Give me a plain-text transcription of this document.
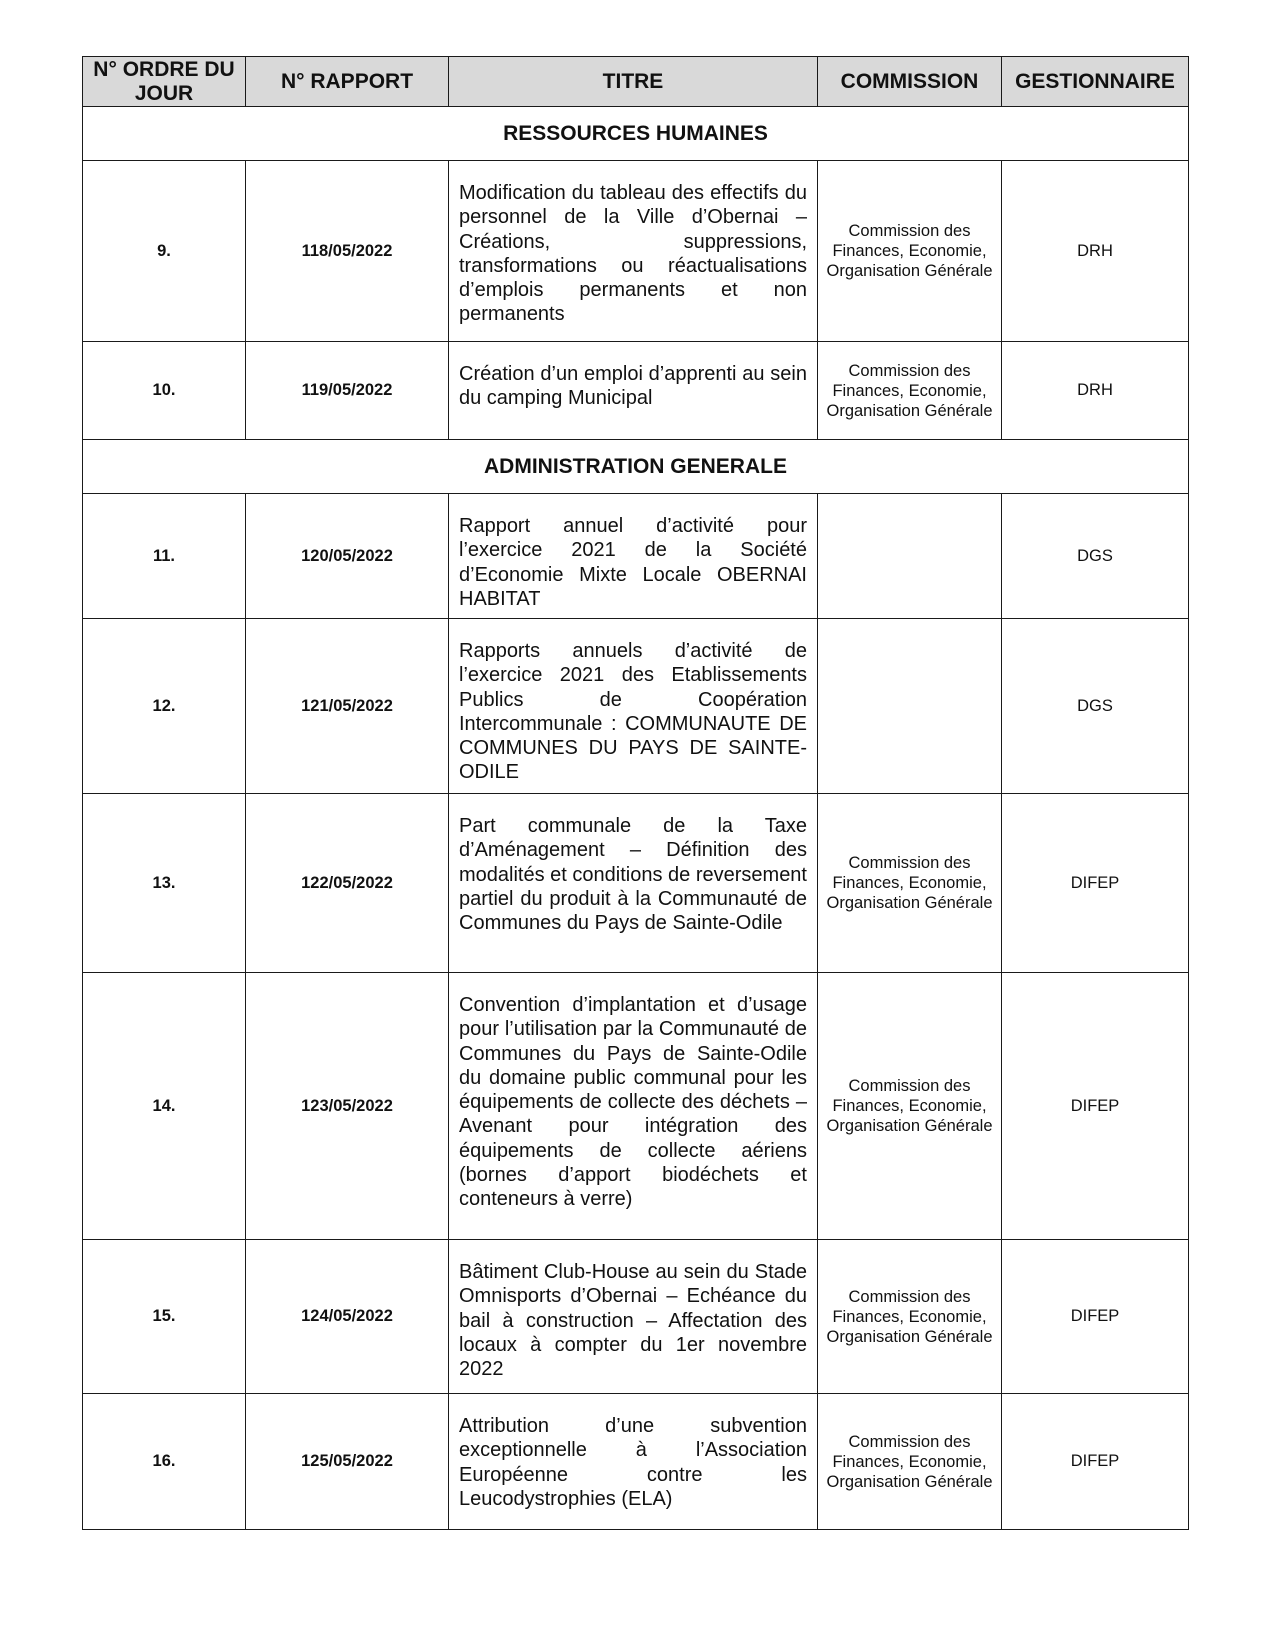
N° ORDRE DU JOUR	N° RAPPORT	TITRE	COMMISSION	GESTIONNAIRE
RESSOURCES HUMAINES				
9.	118/05/2022	Modification du tableau des effectifs du personnel de la Ville d’Obernai – Créations, suppressions, transformations ou réactualisations d’emplois permanents et non permanents	Commission des Finances, Economie, Organisation Générale	DRH
10.	119/05/2022	Création d’un emploi d’apprenti au sein du camping Municipal	Commission des Finances, Economie, Organisation Générale	DRH
ADMINISTRATION GENERALE				
11.	120/05/2022	Rapport annuel d’activité pour l’exercice 2021 de la Société d’Economie Mixte Locale OBERNAI HABITAT		DGS
12.	121/05/2022	Rapports annuels d’activité de l’exercice 2021 des Etablissements Publics de Coopération Intercommunale : COMMUNAUTE DE COMMUNES DU PAYS DE SAINTE-ODILE		DGS
13.	122/05/2022	Part communale de la Taxe d’Aménagement – Définition des modalités et conditions de reversement partiel du produit à la Communauté de Communes du Pays de Sainte-Odile	Commission des Finances, Economie, Organisation Générale	DIFEP
14.	123/05/2022	Convention d’implantation et d’usage pour l’utilisation par la Communauté de Communes du Pays de Sainte-Odile du domaine public communal pour les équipements de collecte des déchets – Avenant pour intégration des équipements de collecte aériens (bornes d’apport biodéchets et conteneurs à verre)	Commission des Finances, Economie, Organisation Générale	DIFEP
15.	124/05/2022	Bâtiment Club-House au sein du Stade Omnisports d’Obernai – Echéance du bail à construction – Affectation des locaux à compter du 1er novembre 2022	Commission des Finances, Economie, Organisation Générale	DIFEP
16.	125/05/2022	Attribution d’une subvention exceptionnelle à l’Association Européenne contre les Leucodystrophies (ELA)	Commission des Finances, Economie, Organisation Générale	DIFEP
